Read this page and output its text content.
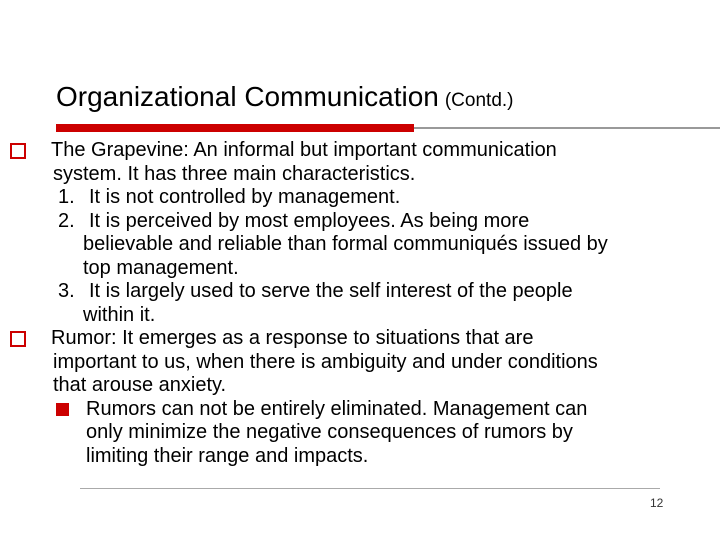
Organizational Communication (Contd.)
The Grapevine: An informal but important communication
system. It has three main characteristics.
1. It is not controlled by management.
2. It is perceived by most employees. As being more
believable and reliable than formal communiqués issued by
top management.
3. It is largely used to serve the self interest of the people
within it.
Rumor: It emerges as a response to situations that are
important to us, when there is ambiguity and under conditions
that arouse anxiety.
Rumors can not be entirely eliminated. Management can
only minimize the negative consequences of rumors by
limiting their range and impacts.
12
